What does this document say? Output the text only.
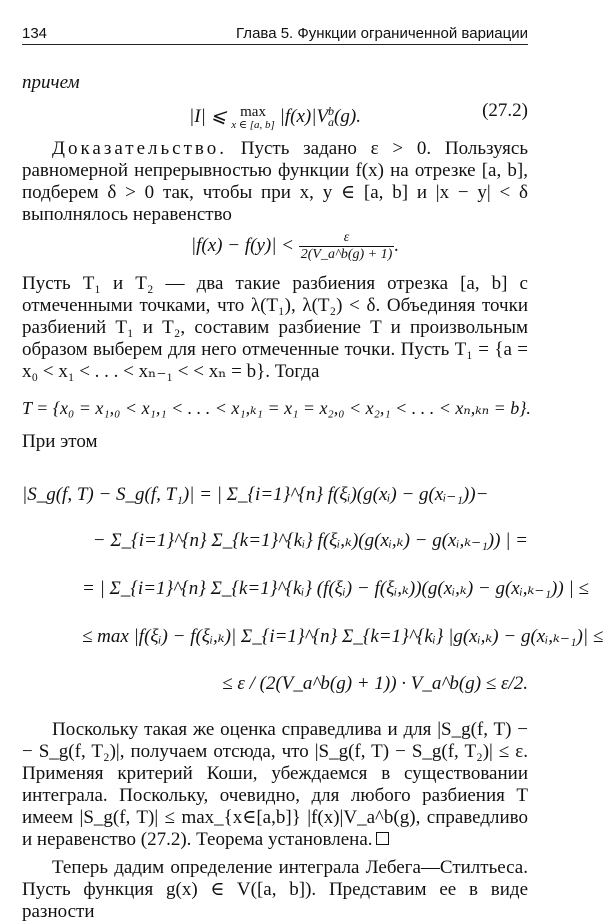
134	Глава 5. Функции ограниченной вариации

причем

|I| ⩽ max
x ∈ [a, b] $|f(x)|V_a^b(g)$.	(27.2)

Доказательство. Пусть задано ε > 0. Пользуясь равномерной непрерывностью функции f(x) на отрезке [a, b], подберем δ > 0 так, чтобы при x, y ∈ [a, b] и |x − y| < δ выполнялось неравенство

$|f(x) - f(y)| < \frac{\varepsilon}{2(V\_a\^{}b(g) + 1)}$ .

Пусть T₁ и T₂ — два такие разбиения отрезка [a, b] с отмеченными точками, что λ(T₁), λ(T₂) < δ. Объединяя точки разбиений T₁ и T₂, составим разбиение T и произвольным образом выберем для него отмеченные точки. Пусть T₁ = {a = x₀ < x₁ < . . . < xₙ₋₁ < < xₙ = b}. Тогда

T = {x₀ = x₁,₀ < x₁,₁ < . . . < x₁,ₖ₁ = x₁ = x₂,₀ < x₂,₁ < . . . < xₙ,ₖₙ = b}.

При этом

|S_g(f, T) − S_g(f, T₁)| = | Σ_{i=1}^{n} f(ξᵢ)(g(xᵢ) − g(xᵢ₋₁))−
− Σ_{i=1}^{n} Σ_{k=1}^{kᵢ} f(ξᵢ,ₖ)(g(xᵢ,ₖ) − g(xᵢ,ₖ₋₁)) | =
= | Σ_{i=1}^{n} Σ_{k=1}^{kᵢ} (f(ξᵢ) − f(ξᵢ,ₖ))(g(xᵢ,ₖ) − g(xᵢ,ₖ₋₁)) | ≤
≤ max |f(ξᵢ) − f(ξᵢ,ₖ)| Σ_{i=1}^{n} Σ_{k=1}^{kᵢ} |g(xᵢ,ₖ) − g(xᵢ,ₖ₋₁)| ≤
≤ ε / (2(V_a^b(g) + 1)) · V_a^b(g) ≤ ε/2.

Поскольку такая же оценка справедлива и для |S_g(f, T) − − S_g(f, T₂)|, получаем отсюда, что |S_g(f, T) − S_g(f, T₂)| ≤ ε. Применяя критерий Коши, убеждаемся в существовании интеграла. Поскольку, очевидно, для любого разбиения T имеем |S_g(f, T)| ≤ max_{x∈[a,b]} |f(x)|V_a^b(g), справедливо и неравенство (27.2). Теорема установлена.

Теперь дадим определение интеграла Лебега—Стилтьеса. Пусть функция g(x) ∈ V([a, b]). Представим ее в виде разности
